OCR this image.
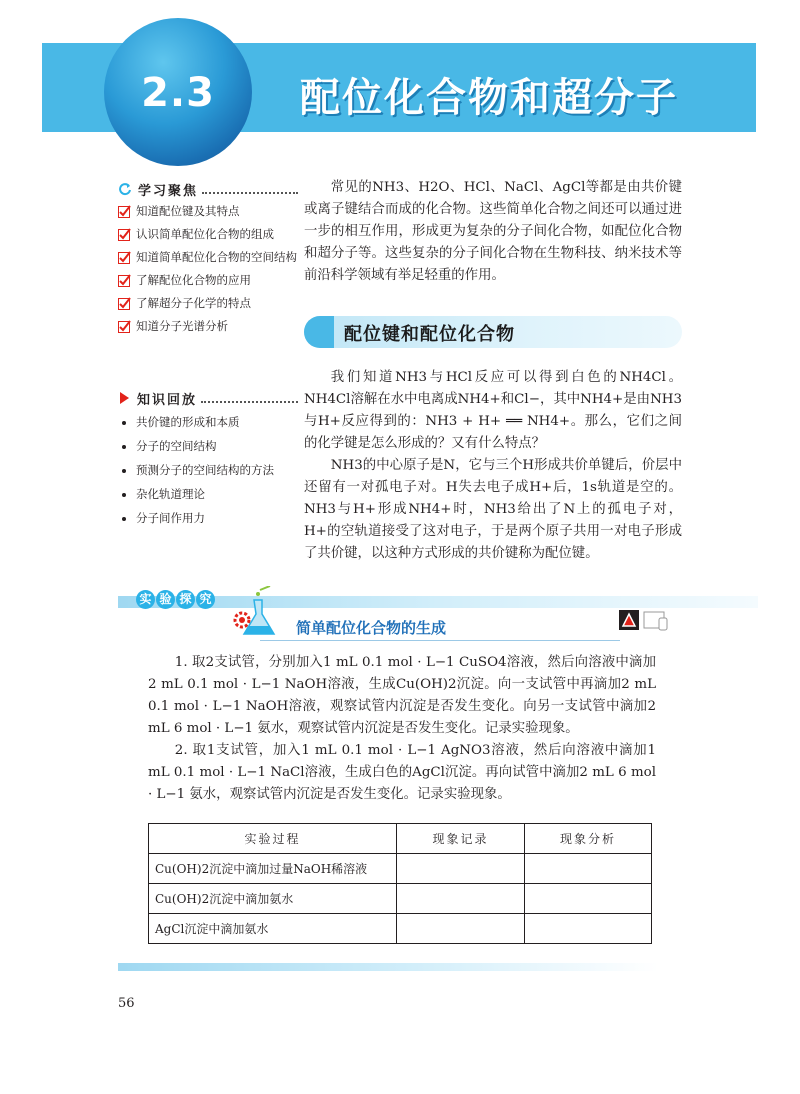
2.3	配位化合物和超分子
学习聚焦
知道配位键及其特点
认识简单配位化合物的组成
知道简单配位化合物的空间结构
了解配位化合物的应用
了解超分子化学的特点
知道分子光谱分析
知识回放
共价键的形成和本质
分子的空间结构
预测分子的空间结构的方法
杂化轨道理论
分子间作用力

常见的NH3、H2O、HCl、NaCl、AgCl等都是由共价键或离子键结合而成的化合物。这些简单化合物之间还可以通过进一步的相互作用，形成更为复杂的分子间化合物，如配位化合物和超分子等。这些复杂的分子间化合物在生物科技、纳米技术等前沿科学领域有举足轻重的作用。

配位键和配位化合物

我们知道NH3与HCl反应可以得到白色的NH4Cl。NH4Cl溶解在水中电离成NH4+和Cl−，其中NH4+是由NH3与H+反应得到的：NH3 + H+ ══ NH4+。那么，它们之间的化学键是怎么形成的？又有什么特点？

NH3的中心原子是N，它与三个H形成共价单键后，价层中还留有一对孤电子对。H失去电子成H+后，1s轨道是空的。NH3与H+形成NH4+时，NH3给出了N上的孤电子对，H+的空轨道接受了这对电子，于是两个原子共用一对电子形成了共价键，以这种方式形成的共价键称为配位键。

实 验 探 究
简单配位化合物的生成

1. 取2支试管，分别加入1 mL 0.1 mol · L−1 CuSO4溶液，然后向溶液中滴加2 mL 0.1 mol · L−1 NaOH溶液，生成Cu(OH)2沉淀。向一支试管中再滴加2 mL 0.1 mol · L−1 NaOH溶液，观察试管内沉淀是否发生变化。向另一支试管中滴加2 mL 6 mol · L−1 氨水，观察试管内沉淀是否发生变化。记录实验现象。

2. 取1支试管，加入1 mL 0.1 mol · L−1 AgNO3溶液，然后向溶液中滴加1 mL 0.1 mol · L−1 NaCl溶液，生成白色的AgCl沉淀。再向试管中滴加2 mL 6 mol · L−1 氨水，观察试管内沉淀是否发生变化。记录实验现象。

实验过程	现象记录	现象分析
Cu(OH)2沉淀中滴加过量NaOH稀溶液		
Cu(OH)2沉淀中滴加氨水		
AgCl沉淀中滴加氨水		
56
